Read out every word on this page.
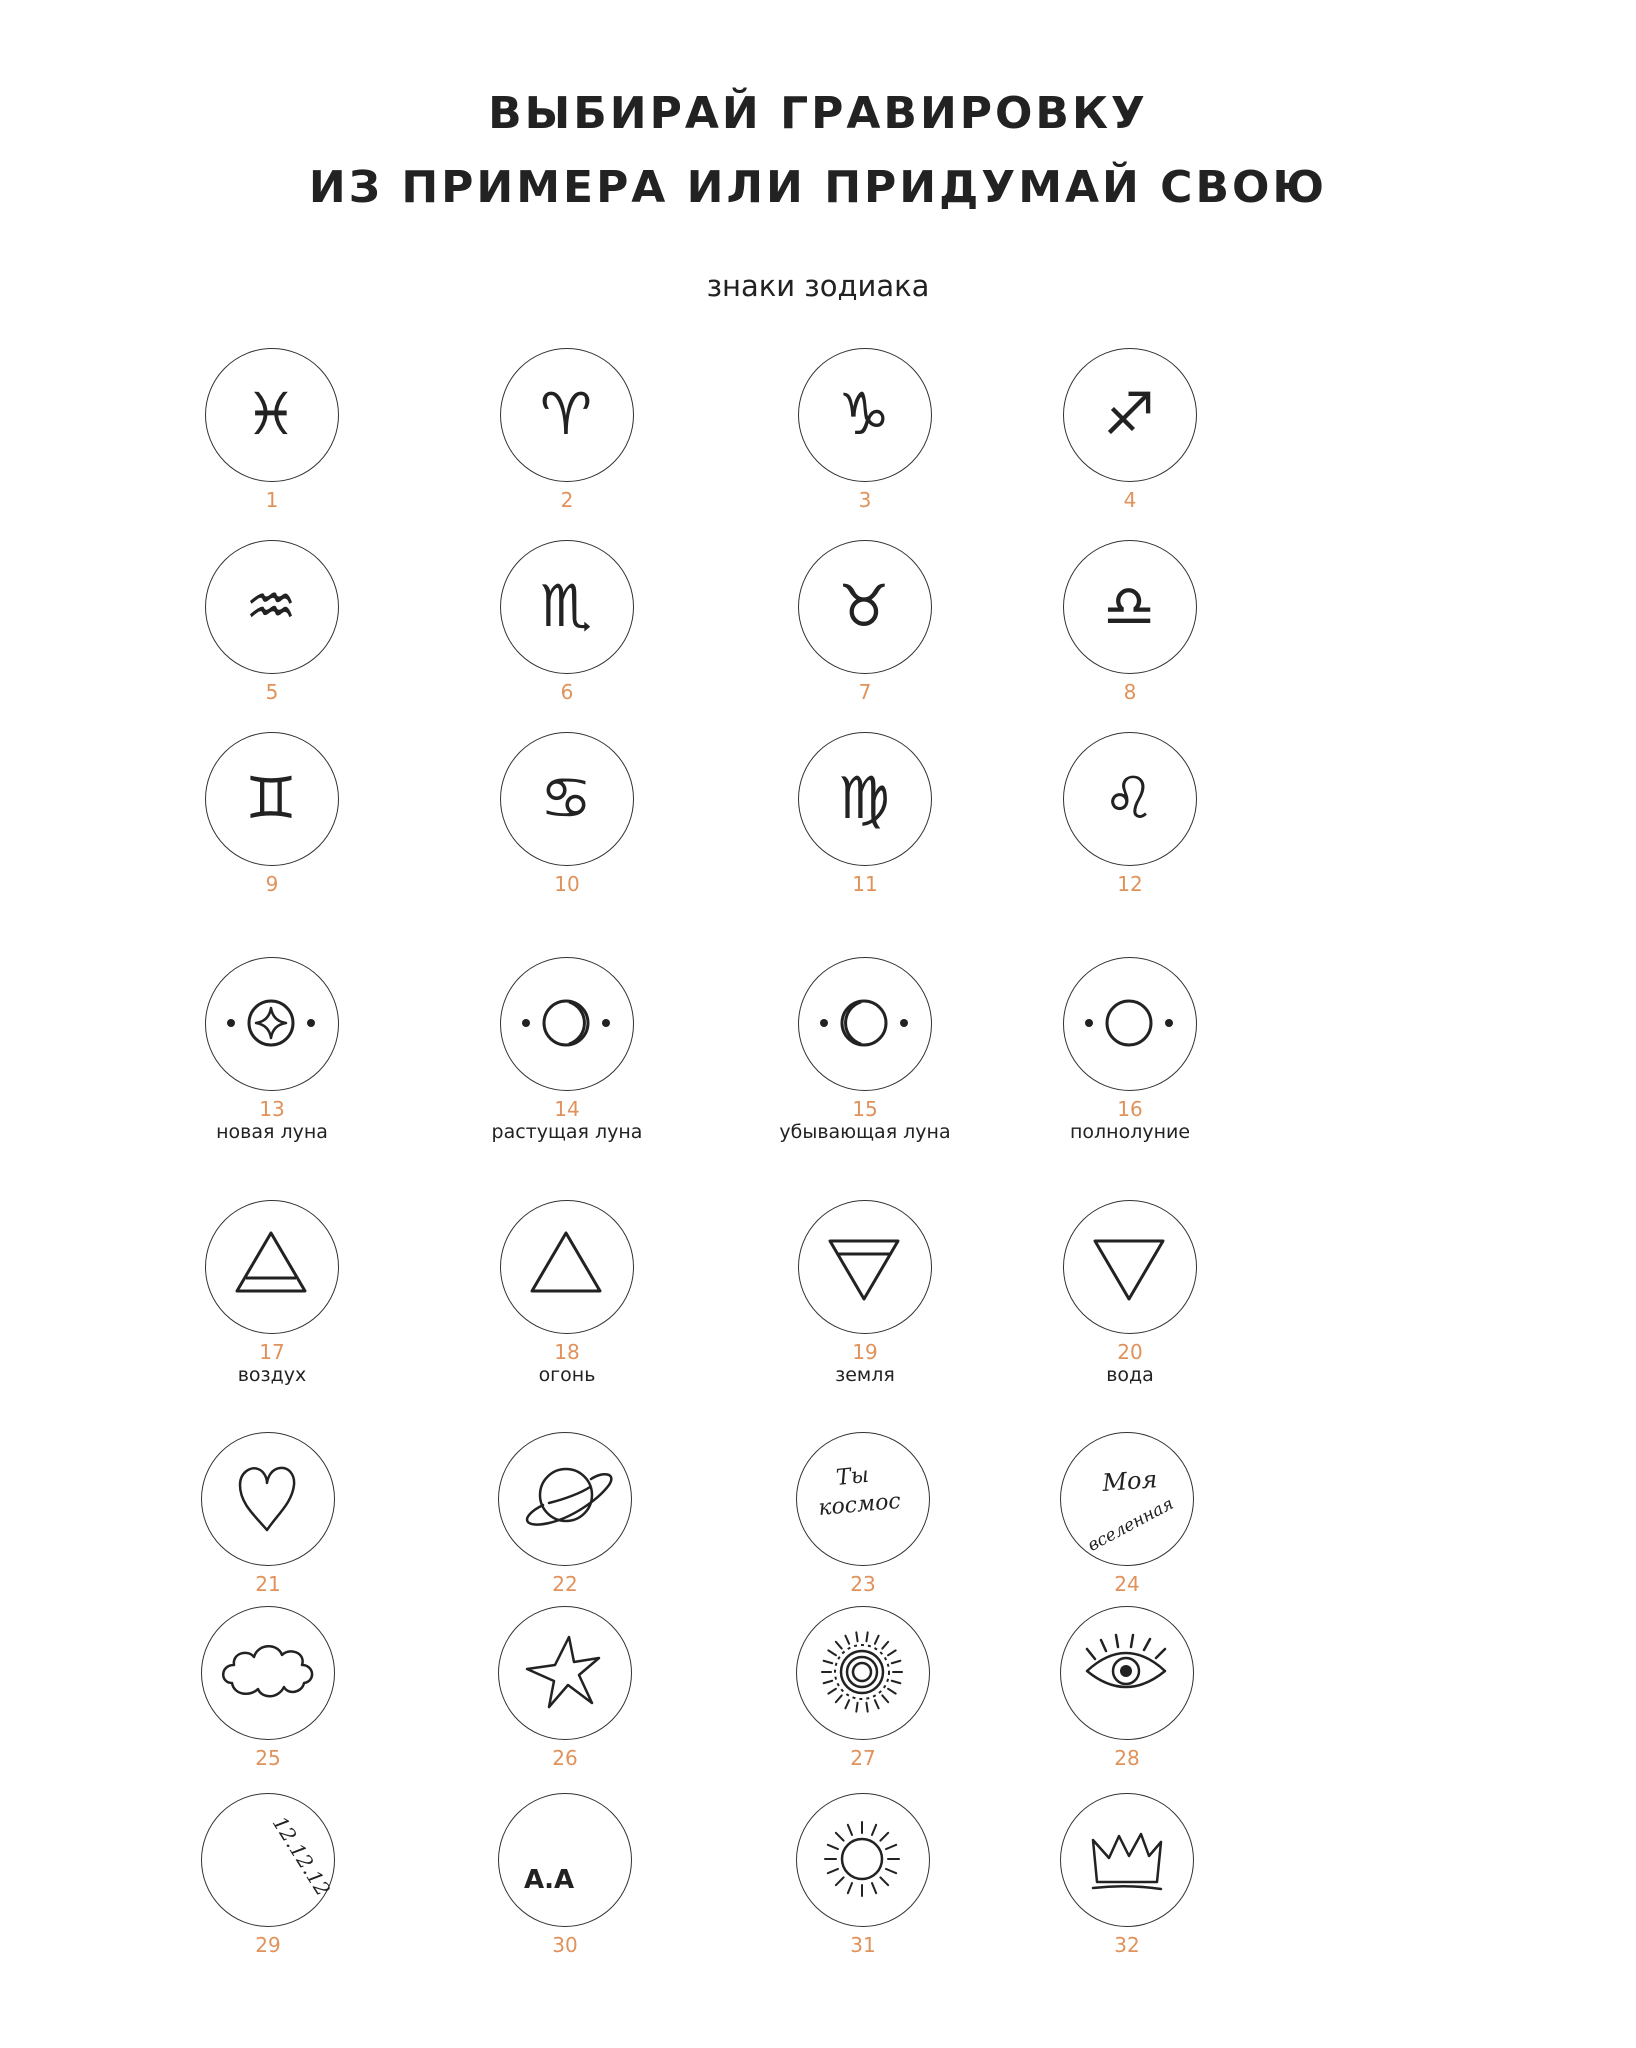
ВЫБИРАЙ ГРАВИРОВКУ
ИЗ ПРИМЕРА ИЛИ ПРИДУМАЙ СВОЮ
знаки зодиака
♓
1
♈
2
♑
3
♐
4
♒
5
♏
6
♉
7
♎
8
♊
9
♋
10
♍
11
♌
12
13
новая луна
14
растущая луна
15
убывающая луна
16
полнолуние
17
воздух
18
огонь
19
земля
20
вода
21	22
Ты
космос
23
Моя
вселенная
24
25	26	27	28
12.12.12
29
А.А
30	31	32
